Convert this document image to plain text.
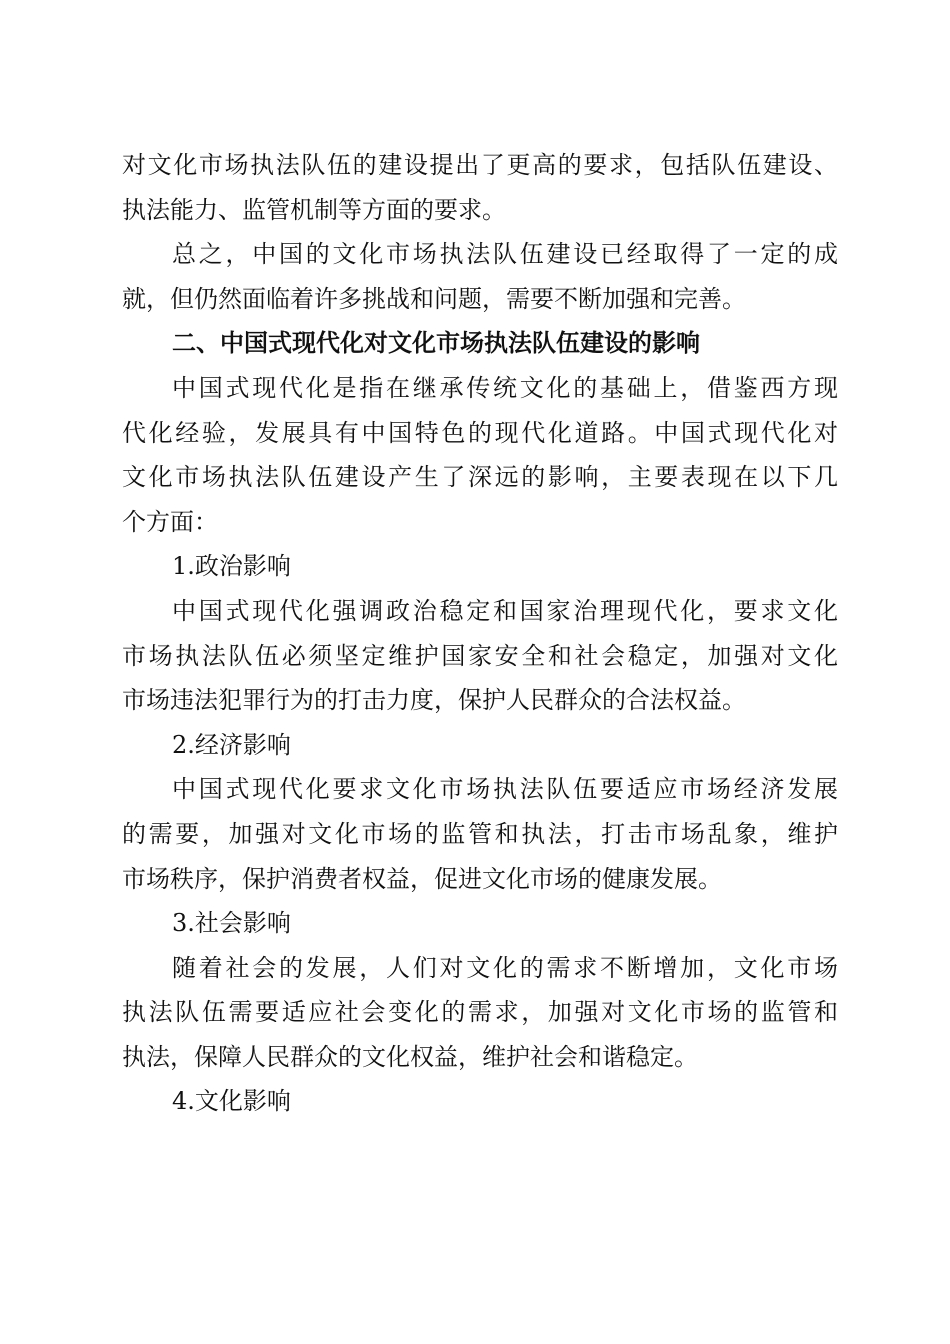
对文化市场执法队伍的建设提出了更高的要求，包括队伍建设、
执法能力、监管机制等方面的要求。
总之，中国的文化市场执法队伍建设已经取得了一定的成
就，但仍然面临着许多挑战和问题，需要不断加强和完善。
二、中国式现代化对文化市场执法队伍建设的影响
中国式现代化是指在继承传统文化的基础上，借鉴西方现
代化经验，发展具有中国特色的现代化道路。中国式现代化对
文化市场执法队伍建设产生了深远的影响，主要表现在以下几
个方面：
1.政治影响
中国式现代化强调政治稳定和国家治理现代化，要求文化
市场执法队伍必须坚定维护国家安全和社会稳定，加强对文化
市场违法犯罪行为的打击力度，保护人民群众的合法权益。
2.经济影响
中国式现代化要求文化市场执法队伍要适应市场经济发展
的需要，加强对文化市场的监管和执法，打击市场乱象，维护
市场秩序，保护消费者权益，促进文化市场的健康发展。
3.社会影响
随着社会的发展，人们对文化的需求不断增加，文化市场
执法队伍需要适应社会变化的需求，加强对文化市场的监管和
执法，保障人民群众的文化权益，维护社会和谐稳定。
4.文化影响
